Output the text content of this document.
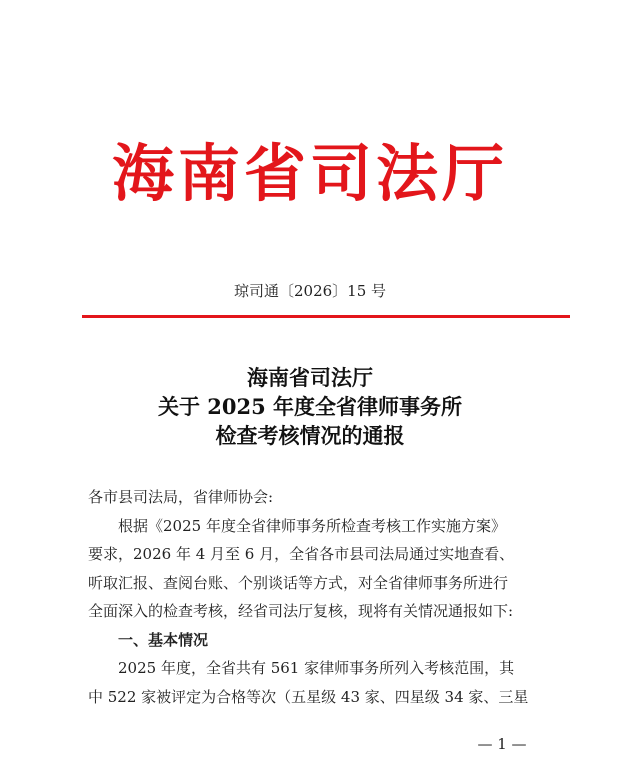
海南省司法厅
琼司通〔2026〕15 号
海南省司法厅
关于 2025 年度全省律师事务所
检查考核情况的通报
各市县司法局，省律师协会:
根据《2025 年度全省律师事务所检查考核工作实施方案》
要求，2026 年 4 月至 6 月，全省各市县司法局通过实地查看、
听取汇报、查阅台账、个别谈话等方式，对全省律师事务所进行
全面深入的检查考核，经省司法厅复核，现将有关情况通报如下:
一、基本情况
2025 年度，全省共有 561 家律师事务所列入考核范围，其
中 522 家被评定为合格等次（五星级 43 家、四星级 34 家、三星
— 1 —
